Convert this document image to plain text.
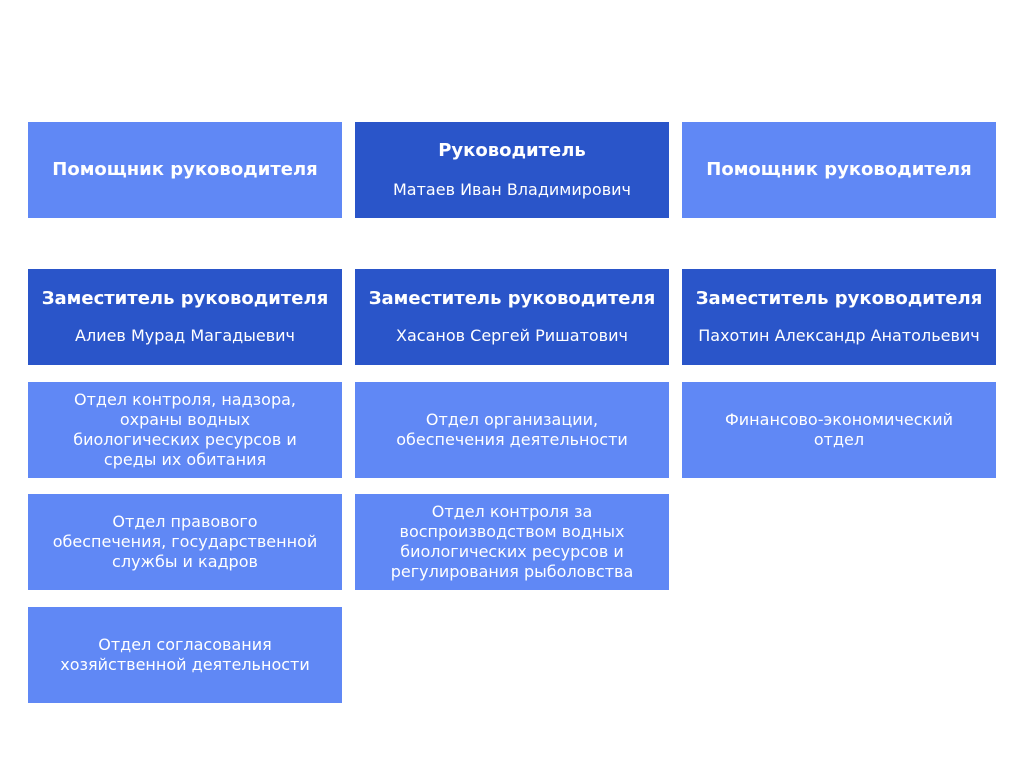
Помощник руководителя
Руководитель
Матаев Иван Владимирович
Помощник руководителя
Заместитель руководителя
Алиев Мурад Магадыевич
Заместитель руководителя
Хасанов Сергей Ришатович
Заместитель руководителя
Пахотин Александр Анатольевич
Отдел контроля, надзора,
охраны водных
биологических ресурсов и
среды их обитания
Отдел организации,
обеспечения деятельности
Финансово-экономический
отдел
Отдел правового
обеспечения, государственной
службы и кадров
Отдел контроля за
воспроизводством водных
биологических ресурсов и
регулирования рыболовства
Отдел согласования
хозяйственной деятельности
